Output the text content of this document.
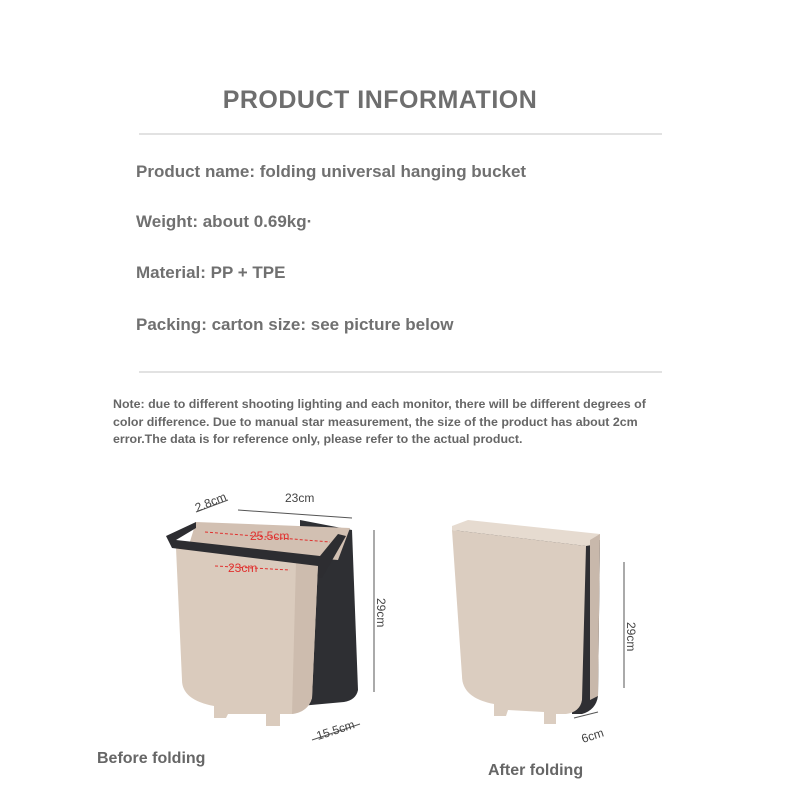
PRODUCT INFORMATION
Product name: folding universal hanging bucket
Weight: about 0.69kg·
Material: PP + TPE
Packing: carton size: see picture below
Note: due to different shooting lighting and each monitor, there will be different degrees of color difference. Due to manual star measurement, the size of the product has about 2cm error.The data is for reference only, please refer to the actual product.
25.5cm
23cm
23cm
2.8cm
29cm
15.5cm
29cm
6cm
Before folding
After folding
